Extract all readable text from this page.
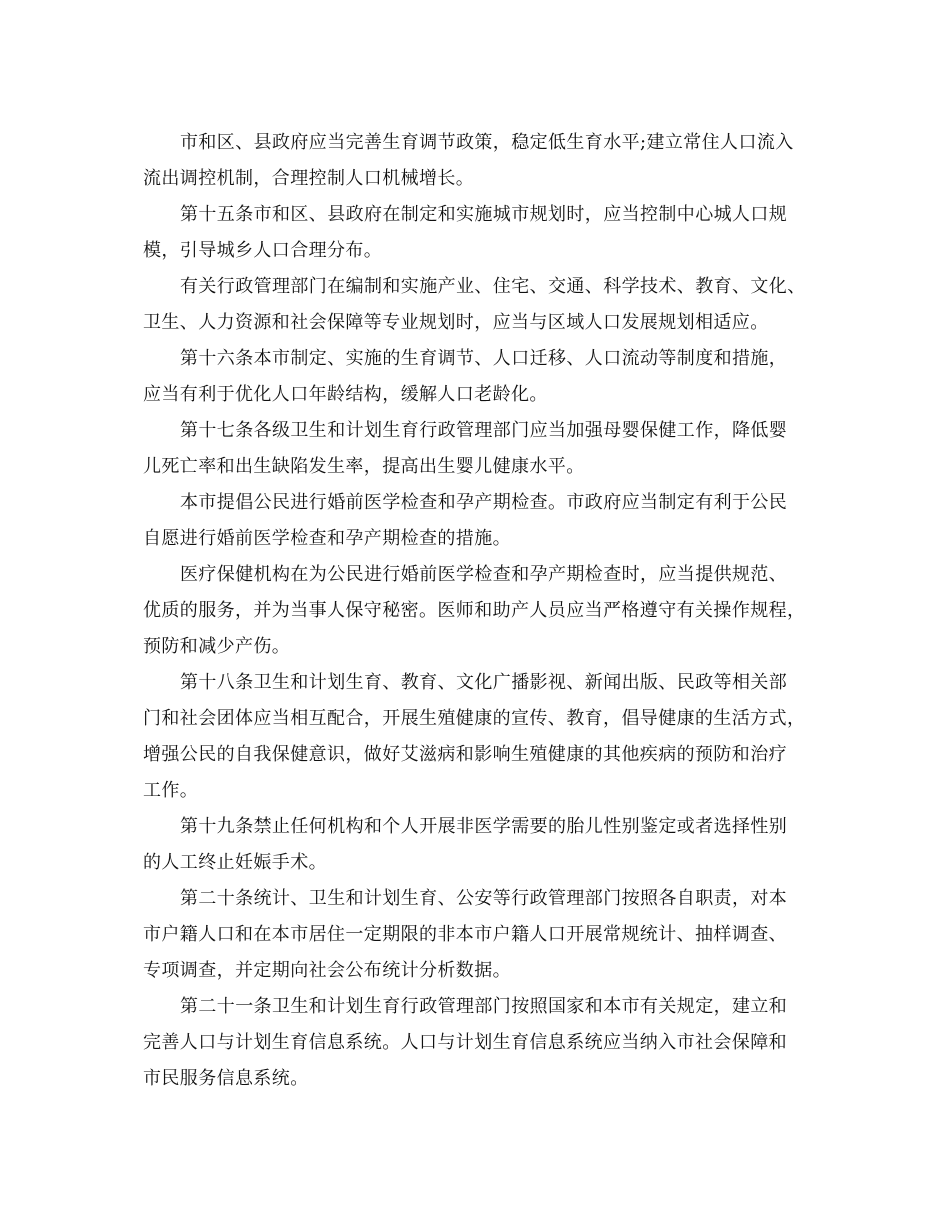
市和区、县政府应当完善生育调节政策，稳定低生育水平;建立常住人口流入
流出调控机制，合理控制人口机械增长。
第十五条市和区、县政府在制定和实施城市规划时，应当控制中心城人口规
模，引导城乡人口合理分布。
有关行政管理部门在编制和实施产业、住宅、交通、科学技术、教育、文化、
卫生、人力资源和社会保障等专业规划时，应当与区域人口发展规划相适应。
第十六条本市制定、实施的生育调节、人口迁移、人口流动等制度和措施，
应当有利于优化人口年龄结构，缓解人口老龄化。
第十七条各级卫生和计划生育行政管理部门应当加强母婴保健工作，降低婴
儿死亡率和出生缺陷发生率，提高出生婴儿健康水平。
本市提倡公民进行婚前医学检查和孕产期检查。市政府应当制定有利于公民
自愿进行婚前医学检查和孕产期检查的措施。
医疗保健机构在为公民进行婚前医学检查和孕产期检查时，应当提供规范、
优质的服务，并为当事人保守秘密。医师和助产人员应当严格遵守有关操作规程，
预防和减少产伤。
第十八条卫生和计划生育、教育、文化广播影视、新闻出版、民政等相关部
门和社会团体应当相互配合，开展生殖健康的宣传、教育，倡导健康的生活方式，
增强公民的自我保健意识，做好艾滋病和影响生殖健康的其他疾病的预防和治疗
工作。
第十九条禁止任何机构和个人开展非医学需要的胎儿性别鉴定或者选择性别
的人工终止妊娠手术。
第二十条统计、卫生和计划生育、公安等行政管理部门按照各自职责，对本
市户籍人口和在本市居住一定期限的非本市户籍人口开展常规统计、抽样调查、
专项调查，并定期向社会公布统计分析数据。
第二十一条卫生和计划生育行政管理部门按照国家和本市有关规定，建立和
完善人口与计划生育信息系统。人口与计划生育信息系统应当纳入市社会保障和
市民服务信息系统。
